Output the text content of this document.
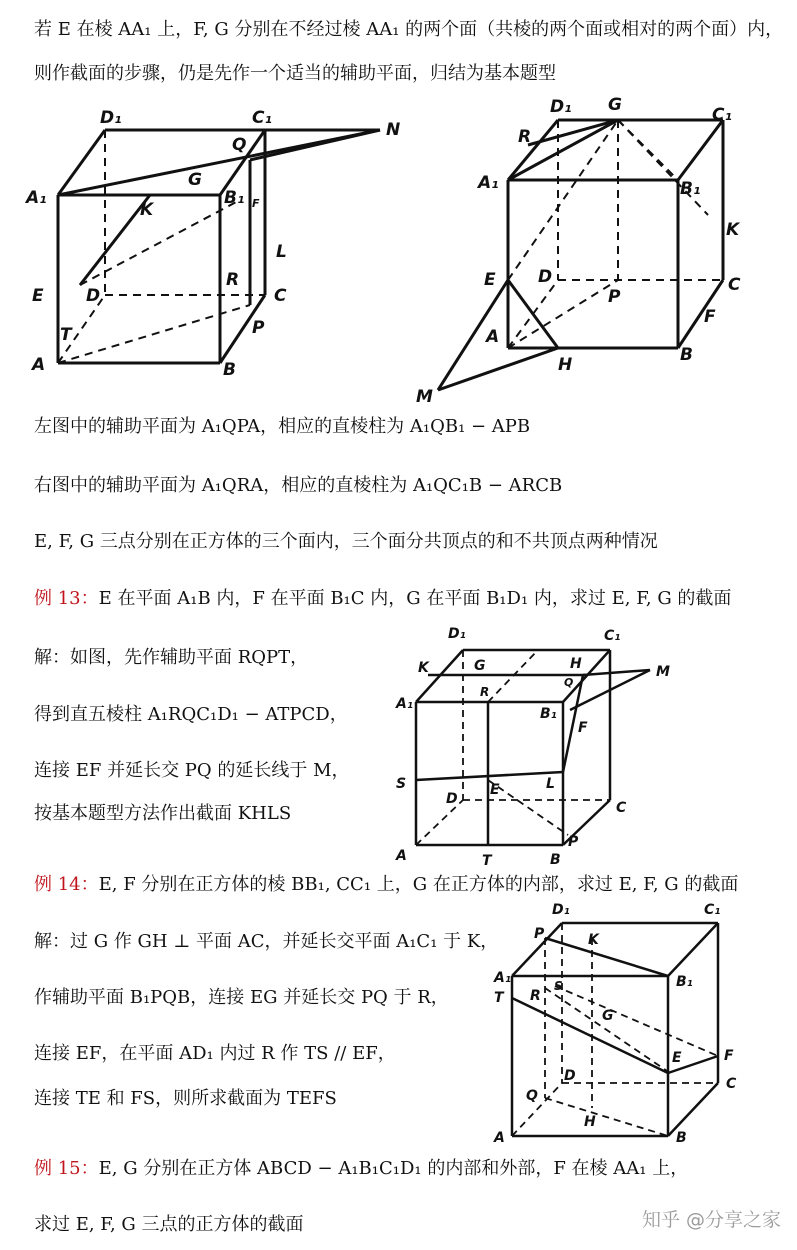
若 E 在棱 AA₁ 上，F, G 分别在不经过棱 AA₁ 的两个面（共棱的两个面或相对的两个面）内，
则作截面的步骤，仍是先作一个适当的辅助平面，归结为基本题型
D₁	C₁
Q
N
G
A₁
K
B₁ F
L
E D
R
C
T	P
A	B
D₁ G	C₁
R
A₁	B₁
K
E D
P
C
F
A
H	B
M
左图中的辅助平面为 A₁QPA，相应的直棱柱为 A₁QB₁ − APB
右图中的辅助平面为 A₁QRA，相应的直棱柱为 A₁QC₁B − ARCB
E, F, G 三点分别在正方体的三个面内，三个面分共顶点的和不共顶点两种情况
例 13：E 在平面 A₁B 内，F 在平面 B₁C 内，G 在平面 B₁D₁ 内，求过 E, F, G 的截面
解：如图，先作辅助平面 RQPT，
得到直五棱柱 A₁RQC₁D₁ − ATPCD，
连接 EF 并延长交 PQ 的延长线于 M，
按基本题型方法作出截面 KHLS
D₁	C₁
K	G	H	M
Q
R
A₁
B₁
F
S	E	L
D
C
A	T	B
P
例 14：E, F 分别在正方体的棱 BB₁, CC₁ 上，G 在正方体的内部，求过 E, F, G 的截面
解：过 G 作 GH ⊥ 平面 AC，并延长交平面 A₁C₁ 于 K，
作辅助平面 B₁PQB，连接 EG 并延长交 PQ 于 R，
连接 EF，在平面 AD₁ 内过 R 作 TS // EF，
连接 TE 和 FS，则所求截面为 TEFS
D₁	C₁
P	K
A₁	B₁
T R
S
G
E	F
D	C
Q
H
A	B
例 15：E, G 分别在正方体 ABCD − A₁B₁C₁D₁ 的内部和外部，F 在棱 AA₁ 上，
求过 E, F, G 三点的正方体的截面	知乎 @分享之家
